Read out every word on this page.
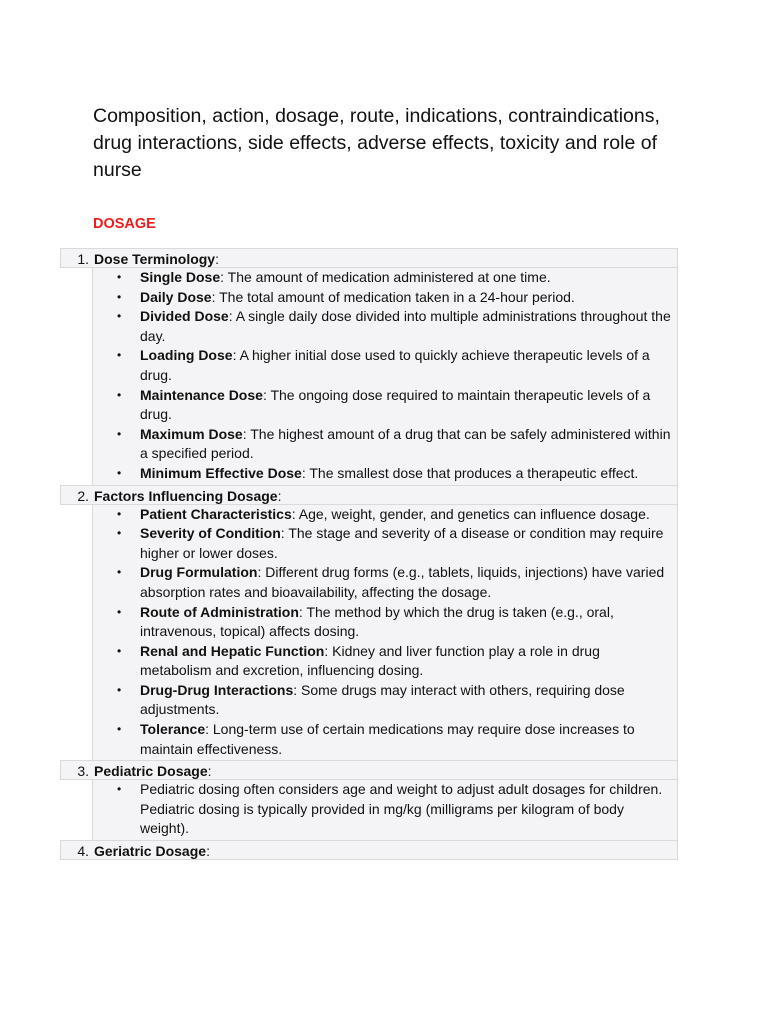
Composition, action, dosage, route, indications, contraindications, drug interactions, side effects, adverse effects, toxicity and role of nurse
DOSAGE
1. Dose Terminology:
• Single Dose: The amount of medication administered at one time.
• Daily Dose: The total amount of medication taken in a 24-hour period.
• Divided Dose: A single daily dose divided into multiple administrations throughout the day.
• Loading Dose: A higher initial dose used to quickly achieve therapeutic levels of a drug.
• Maintenance Dose: The ongoing dose required to maintain therapeutic levels of a drug.
• Maximum Dose: The highest amount of a drug that can be safely administered within a specified period.
• Minimum Effective Dose: The smallest dose that produces a therapeutic effect.
2. Factors Influencing Dosage:
• Patient Characteristics: Age, weight, gender, and genetics can influence dosage.
• Severity of Condition: The stage and severity of a disease or condition may require higher or lower doses.
• Drug Formulation: Different drug forms (e.g., tablets, liquids, injections) have varied absorption rates and bioavailability, affecting the dosage.
• Route of Administration: The method by which the drug is taken (e.g., oral, intravenous, topical) affects dosing.
• Renal and Hepatic Function: Kidney and liver function play a role in drug metabolism and excretion, influencing dosing.
• Drug-Drug Interactions: Some drugs may interact with others, requiring dose adjustments.
• Tolerance: Long-term use of certain medications may require dose increases to maintain effectiveness.
3. Pediatric Dosage:
• Pediatric dosing often considers age and weight to adjust adult dosages for children. Pediatric dosing is typically provided in mg/kg (milligrams per kilogram of body weight).
4. Geriatric Dosage:
